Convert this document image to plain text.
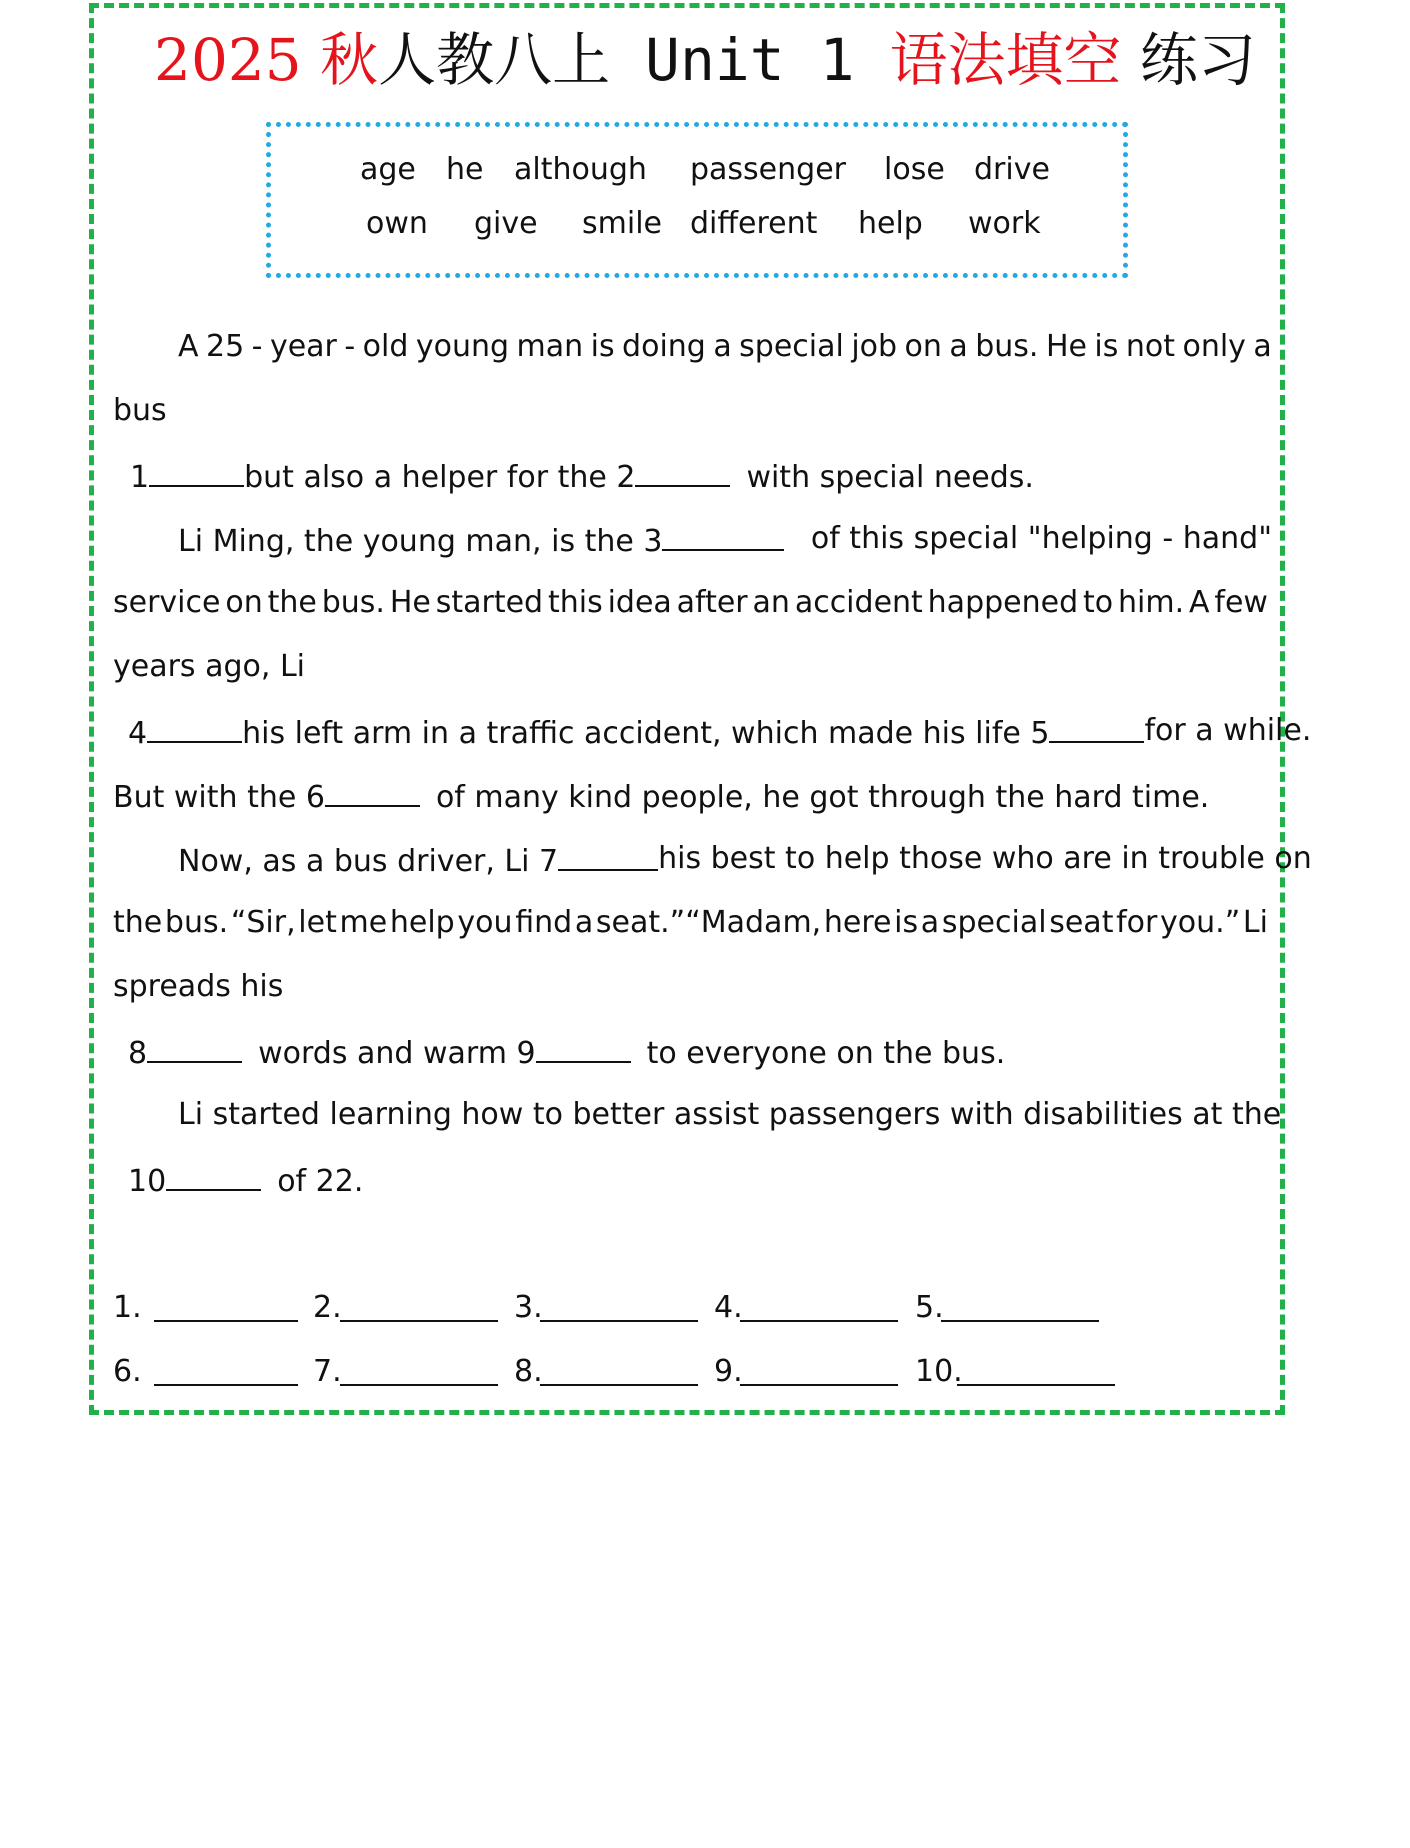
2025 秋人教八上 Unit 1 语法填空 练习
age he although passenger lose drive
own give smile different help work
A 25 - year - old young man is doing a special job on a bus. He is not only a
bus
1	but also a helper for the 2	with special needs.
Li Ming, the young man, is the 3	of this special "helping - hand"
service on the bus. He started this idea after an accident happened to him. A few
years ago, Li
4	his left arm in a traffic accident, which made his life 5	for a while.
But with the 6	of many kind people, he got through the hard time.
Now, as a bus driver, Li 7	his best to help those who are in trouble on
the bus. “Sir, let me help you find a seat.”“Madam, here is a special seat for you.” Li
spreads his
8	words and warm 9	to everyone on the bus.
Li started learning how to better assist passengers with disabilities at the
10	of 22.
1.	2.	3.	4.	5.
6.	7.	8.	9.	10.
